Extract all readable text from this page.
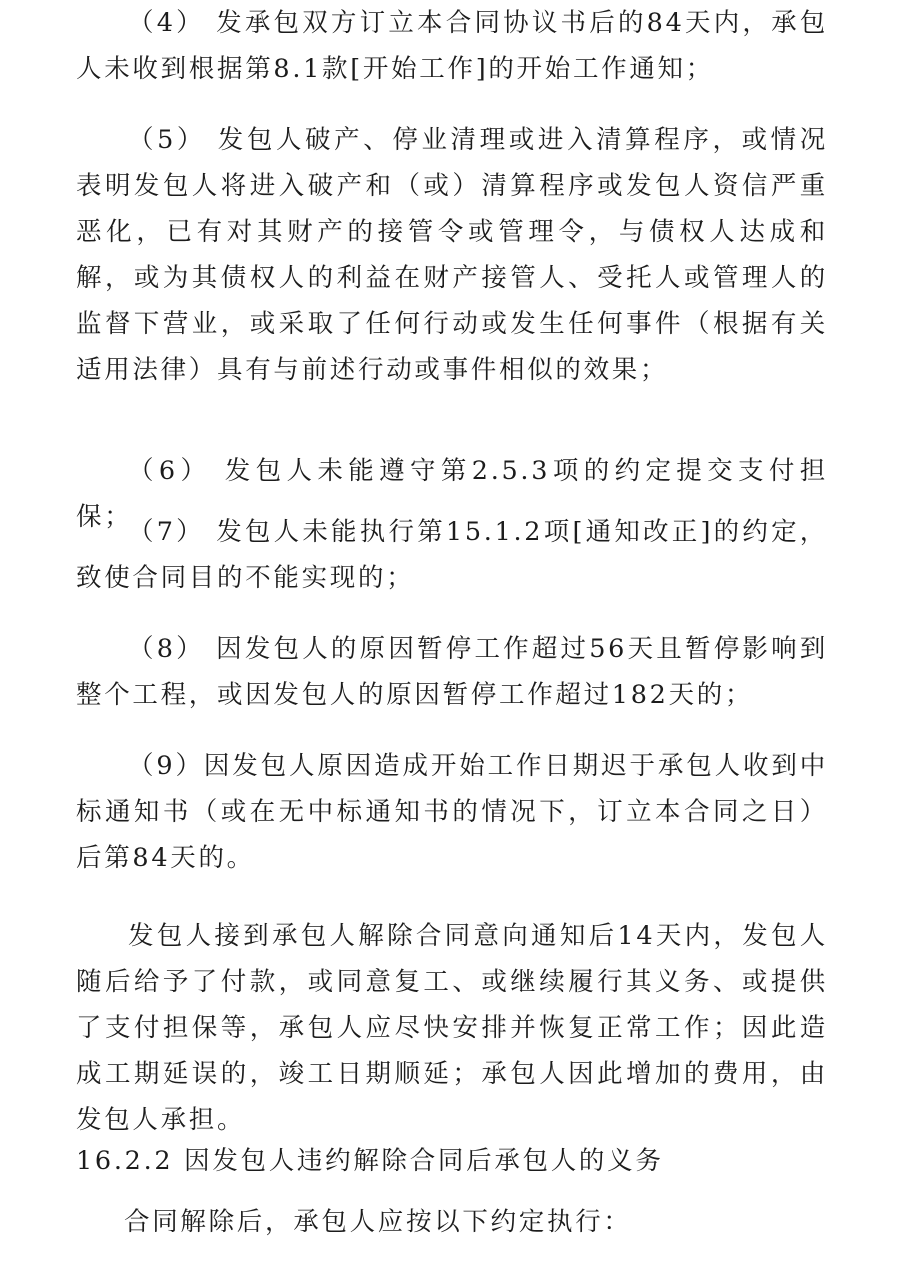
（4） 发承包双方订立本合同协议书后的84天内，承包人未收到根据第8.1款[开始工作]的开始工作通知；

（5） 发包人破产、停业清理或进入清算程序，或情况表明发包人将进入破产和（或）清算程序或发包人资信严重恶化，已有对其财产的接管令或管理令，与债权人达成和解，或为其债权人的利益在财产接管人、受托人或管理人的监督下营业，或采取了任何行动或发生任何事件（根据有关适用法律）具有与前述行动或事件相似的效果；

（6） 发包人未能遵守第2.5.3项的约定提交支付担保；

（7） 发包人未能执行第15.1.2项[通知改正]的约定，致使合同目的不能实现的；

（8） 因发包人的原因暂停工作超过56天且暂停影响到整个工程，或因发包人的原因暂停工作超过182天的；

（9）因发包人原因造成开始工作日期迟于承包人收到中标通知书（或在无中标通知书的情况下，订立本合同之日）后第84天的。

发包人接到承包人解除合同意向通知后14天内，发包人随后给予了付款，或同意复工、或继续履行其义务、或提供了支付担保等，承包人应尽快安排并恢复正常工作；因此造成工期延误的，竣工日期顺延；承包人因此增加的费用，由发包人承担。

16.2.2 因发包人违约解除合同后承包人的义务

合同解除后，承包人应按以下约定执行：
